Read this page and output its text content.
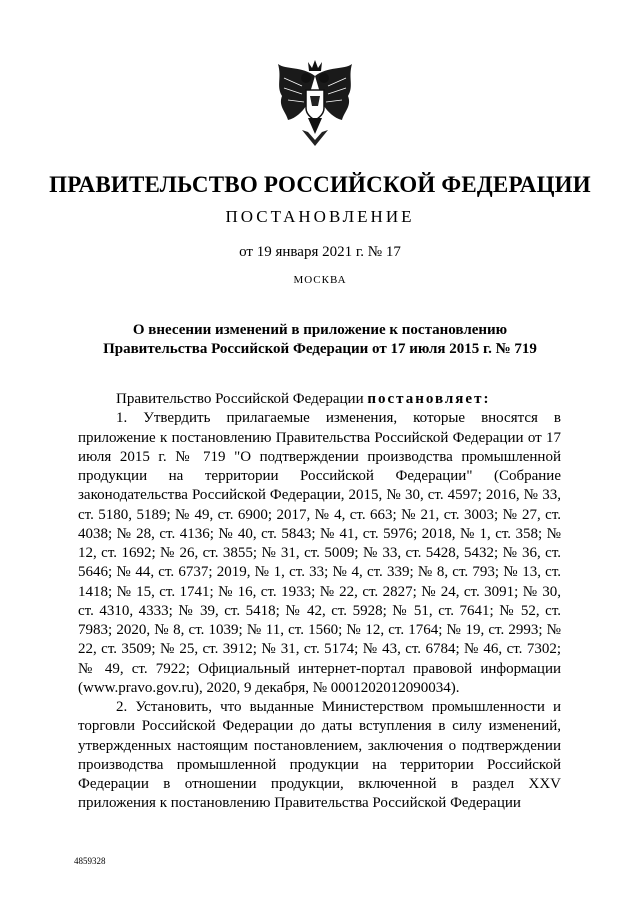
ПРАВИТЕЛЬСТВО РОССИЙСКОЙ ФЕДЕРАЦИИ
ПОСТАНОВЛЕНИЕ
от 19 января 2021 г. № 17
МОСКВА
О внесении изменений в приложение к постановлению
Правительства Российской Федерации от 17 июля 2015 г. № 719

Правительство Российской Федерации постановляет:

1. Утвердить прилагаемые изменения, которые вносятся в приложение к постановлению Правительства Российской Федерации от 17 июля 2015 г. № 719 "О подтверждении производства промышленной продукции на территории Российской Федерации" (Собрание законодательства Российской Федерации, 2015, № 30, ст. 4597; 2016, № 33, ст. 5180, 5189; № 49, ст. 6900; 2017, № 4, ст. 663; № 21, ст. 3003; № 27, ст. 4038; № 28, ст. 4136; № 40, ст. 5843; № 41, ст. 5976; 2018, № 1, ст. 358; № 12, ст. 1692; № 26, ст. 3855; № 31, ст. 5009; № 33, ст. 5428, 5432; № 36, ст. 5646; № 44, ст. 6737; 2019, № 1, ст. 33; № 4, ст. 339; № 8, ст. 793; № 13, ст. 1418; № 15, ст. 1741; № 16, ст. 1933; № 22, ст. 2827; № 24, ст. 3091; № 30, ст. 4310, 4333; № 39, ст. 5418; № 42, ст. 5928; № 51, ст. 7641; № 52, ст. 7983; 2020, № 8, ст. 1039; № 11, ст. 1560; № 12, ст. 1764; № 19, ст. 2993; № 22, ст. 3509; № 25, ст. 3912; № 31, ст. 5174; № 43, ст. 6784; № 46, ст. 7302; № 49, ст. 7922; Официальный интернет-портал правовой информации (www.pravo.gov.ru), 2020, 9 декабря, № 0001202012090034).

2. Установить, что выданные Министерством промышленности и торговли Российской Федерации до даты вступления в силу изменений, утвержденных настоящим постановлением, заключения о подтверждении производства промышленной продукции на территории Российской Федерации в отношении продукции, включенной в раздел XXV приложения к постановлению Правительства Российской Федерации

4859328
